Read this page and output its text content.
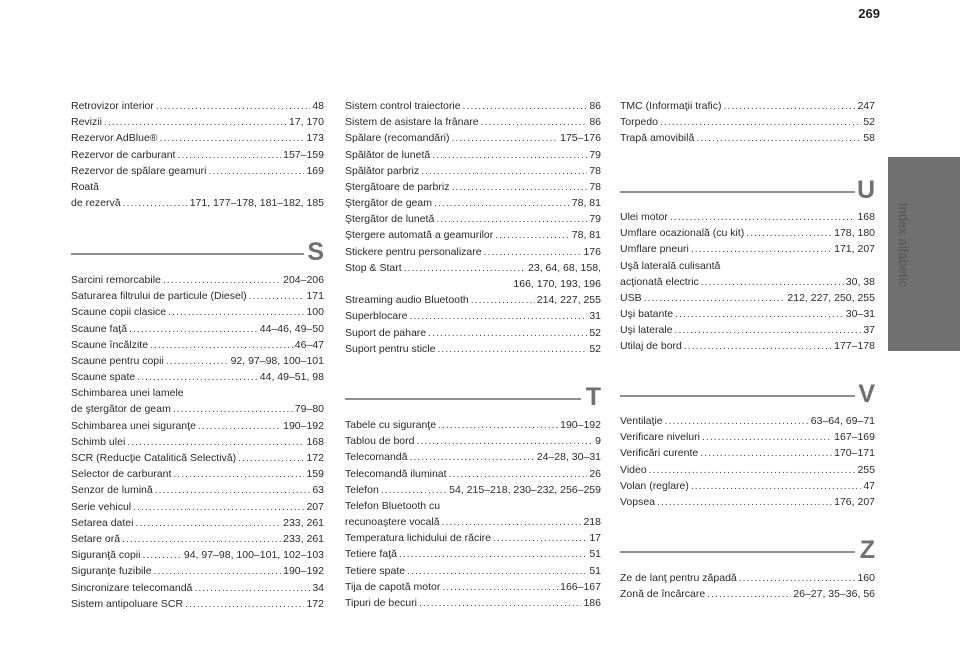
269
Index alfabetic
Retrovizor interior .....	48
Revizii .....	17, 170
Rezervor AdBlue® .....	173
Rezervor de carburant .....	157–159
Rezervor de spălare geamuri .....	169
Roată
de rezervă .....	171, 177–178, 181–182, 185
S
Sarcini remorcabile .....	204–206
Saturarea filtrului de particule (Diesel) .....	171
Scaune copii clasice .....	100
Scaune faţă .....	44–46, 49–50
Scaune încălzite .....	46–47
Scaune pentru copii .....	92, 97–98, 100–101
Scaune spate .....	44, 49–51, 98
Schimbarea unei lamele
de ştergător de geam .....	79–80
Schimbarea unei siguranţe .....	190–192
Schimb ulei .....	168
SCR (Reducţie Catalitică Selectivă) .....	172
Selector de carburant .....	159
Senzor de lumină .....	63
Serie vehicul .....	207
Setarea datei .....	233, 261
Setare oră .....	233, 261
Siguranţă copii .....	94, 97–98, 100–101, 102–103
Siguranţe fuzibile .....	190–192
Sincronizare telecomandă .....	34
Sistem antipoluare SCR .....	172
Sistem control traiectorie .....	86
Sistem de asistare la frânare .....	86
Spălare (recomandări) .....	175–176
Spălător de lunetă .....	79
Spălător parbriz .....	78
Ştergătoare de parbriz .....	78
Ştergător de geam .....	78, 81
Ştergător de lunetă .....	79
Ştergere automată a geamurilor .....	78, 81
Stickere pentru personalizare .....	176
Stop & Start .....	23, 64, 68, 158,
166, 170, 193, 196
Streaming audio Bluetooth .....	214, 227, 255
Superblocare .....	31
Suport de pahare .....	52
Suport pentru sticle .....	52
T
Tabele cu siguranţe .....	190–192
Tablou de bord .....	9
Telecomandă .....	24–28, 30–31
Telecomandă iluminat .....	26
Telefon .....	54, 215–218, 230–232, 256–259
Telefon Bluetooth cu
recunoaştere vocală .....	218
Temperatura lichidului de răcire .....	17
Tetiere faţă .....	51
Tetiere spate .....	51
Tija de capotă motor .....	166–167
Tipuri de becuri .....	186
TMC (Informaţii trafic) .....	247
Torpedo .....	52
Trapă amovibilă .....	58
U
Ulei motor .....	168
Umflare ocazională (cu kit) .....	178, 180
Umflare pneuri .....	171, 207
Uşă laterală culisantă
acţionată electric .....	30, 38
USB .....	212, 227, 250, 255
Uşi batante .....	30–31
Uşi laterale .....	37
Utilaj de bord .....	177–178
V
Ventilaţie .....	63–64, 69–71
Verificare niveluri .....	167–169
Verificări curente .....	170–171
Video .....	255
Volan (reglare) .....	47
Vopsea .....	176, 207
Z
Ze de lanţ pentru zăpadă .....	160
Zonă de încărcare .....	26–27, 35–36, 56
